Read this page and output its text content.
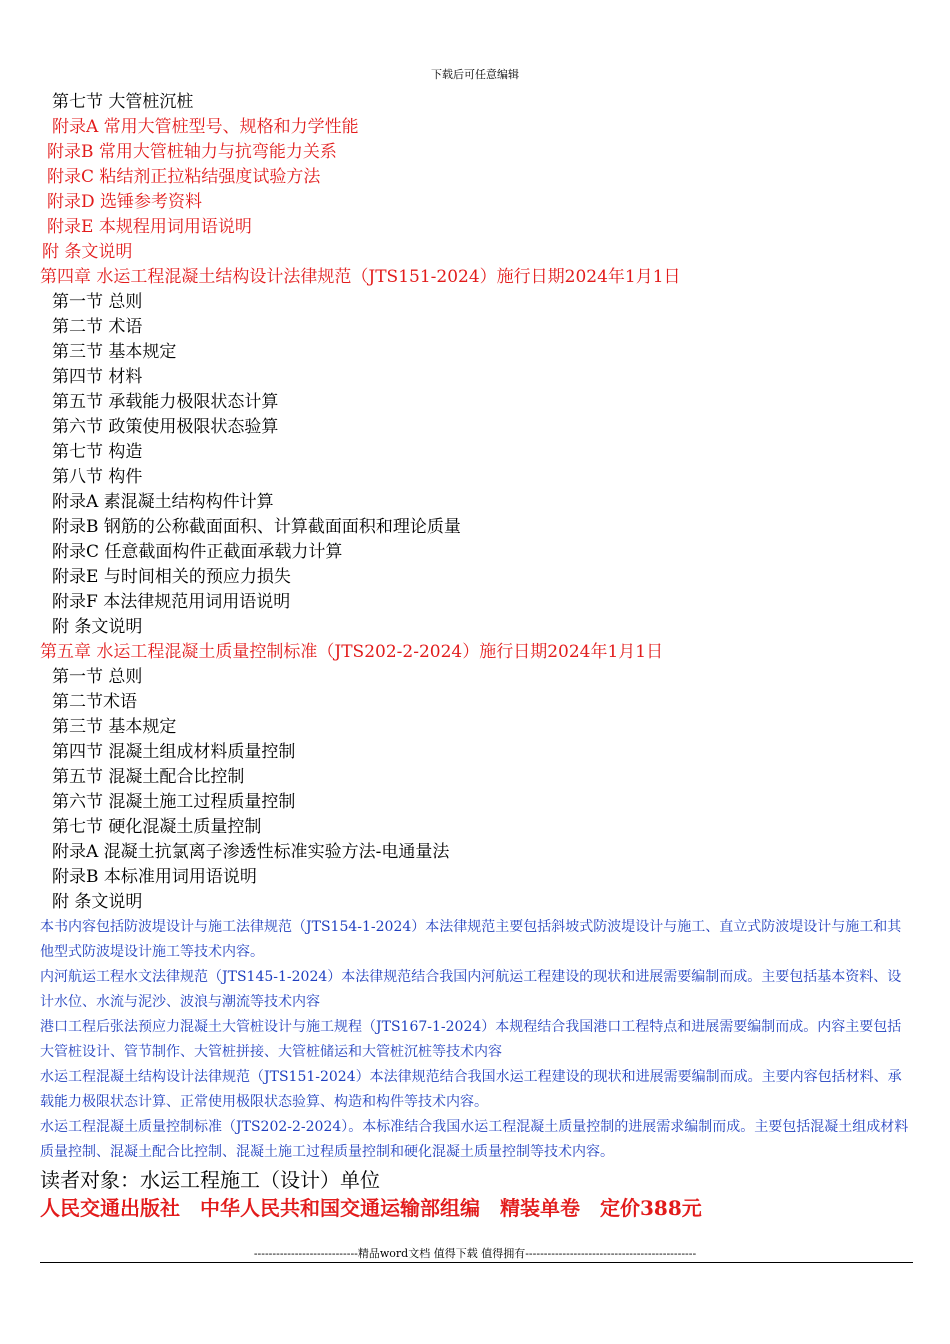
下载后可任意编辑
第七节 大管桩沉桩
附录A 常用大管桩型号、规格和力学性能
附录B 常用大管桩轴力与抗弯能力关系
附录C 粘结剂正拉粘结强度试验方法
附录D 选锤参考资料
附录E 本规程用词用语说明
附 条文说明
第四章 水运工程混凝土结构设计法律规范（JTS151-2024）施行日期2024年1月1日
第一节 总则
第二节 术语
第三节 基本规定
第四节 材料
第五节 承载能力极限状态计算
第六节 政策使用极限状态验算
第七节 构造
第八节 构件
附录A 素混凝土结构构件计算
附录B 钢筋的公称截面面积、计算截面面积和理论质量
附录C 任意截面构件正截面承载力计算
附录E 与时间相关的预应力损失
附录F 本法律规范用词用语说明
附 条文说明
第五章 水运工程混凝土质量控制标准（JTS202-2-2024）施行日期2024年1月1日
第一节 总则
第二节术语
第三节 基本规定
第四节 混凝土组成材料质量控制
第五节 混凝土配合比控制
第六节 混凝土施工过程质量控制
第七节 硬化混凝土质量控制
附录A 混凝土抗氯离子渗透性标准实验方法-电通量法
附录B 本标准用词用语说明
附 条文说明
本书内容包括防波堤设计与施工法律规范（JTS154-1-2024）本法律规范主要包括斜坡式防波堤设计与施工、直立式防波堤设计与施工和其他型式防波堤设计施工等技术内容。
内河航运工程水文法律规范（JTS145-1-2024）本法律规范结合我国内河航运工程建设的现状和进展需要编制而成。主要包括基本资料、设计水位、水流与泥沙、波浪与潮流等技术内容
港口工程后张法预应力混凝土大管桩设计与施工规程（JTS167-1-2024）本规程结合我国港口工程特点和进展需要编制而成。内容主要包括大管桩设计、管节制作、大管桩拼接、大管桩储运和大管桩沉桩等技术内容
水运工程混凝土结构设计法律规范（JTS151-2024）本法律规范结合我国水运工程建设的现状和进展需要编制而成。主要内容包括材料、承载能力极限状态计算、正常使用极限状态验算、构造和构件等技术内容。
水运工程混凝土质量控制标准（JTS202-2-2024）。本标准结合我国水运工程混凝土质量控制的进展需求编制而成。主要包括混凝土组成材料质量控制、混凝土配合比控制、混凝土施工过程质量控制和硬化混凝土质量控制等技术内容。
读者对象：水运工程施工（设计）单位
人民交通出版社　中华人民共和国交通运输部组编　精装单卷　定价388元
----------------------------精品word文档 值得下载 值得拥有----------------------------------------------
